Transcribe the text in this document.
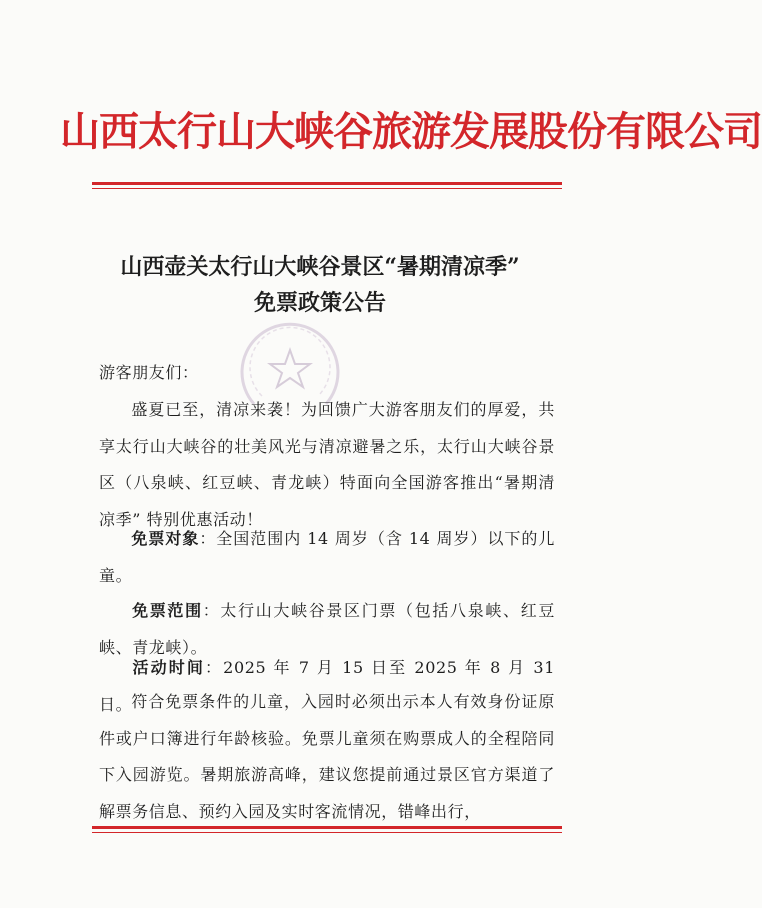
山西太行山大峡谷旅游发展股份有限公司
山西壶关太行山大峡谷景区“暑期清凉季”
免票政策公告
游客朋友们：
盛夏已至，清凉来袭！为回馈广大游客朋友们的厚爱，共享太行山大峡谷的壮美风光与清凉避暑之乐，太行山大峡谷景区（八泉峡、红豆峡、青龙峡）特面向全国游客推出“暑期清凉季” 特别优惠活动！
免票对象：全国范围内 14 周岁（含 14 周岁）以下的儿童。
免票范围：太行山大峡谷景区门票（包括八泉峡、红豆峡、青龙峡）。
活动时间：2025 年 7 月 15 日至 2025 年 8 月 31 日。
符合免票条件的儿童，入园时必须出示本人有效身份证原件或户口簿进行年龄核验。免票儿童须在购票成人的全程陪同下入园游览。暑期旅游高峰，建议您提前通过景区官方渠道了解票务信息、预约入园及实时客流情况，错峰出行，
